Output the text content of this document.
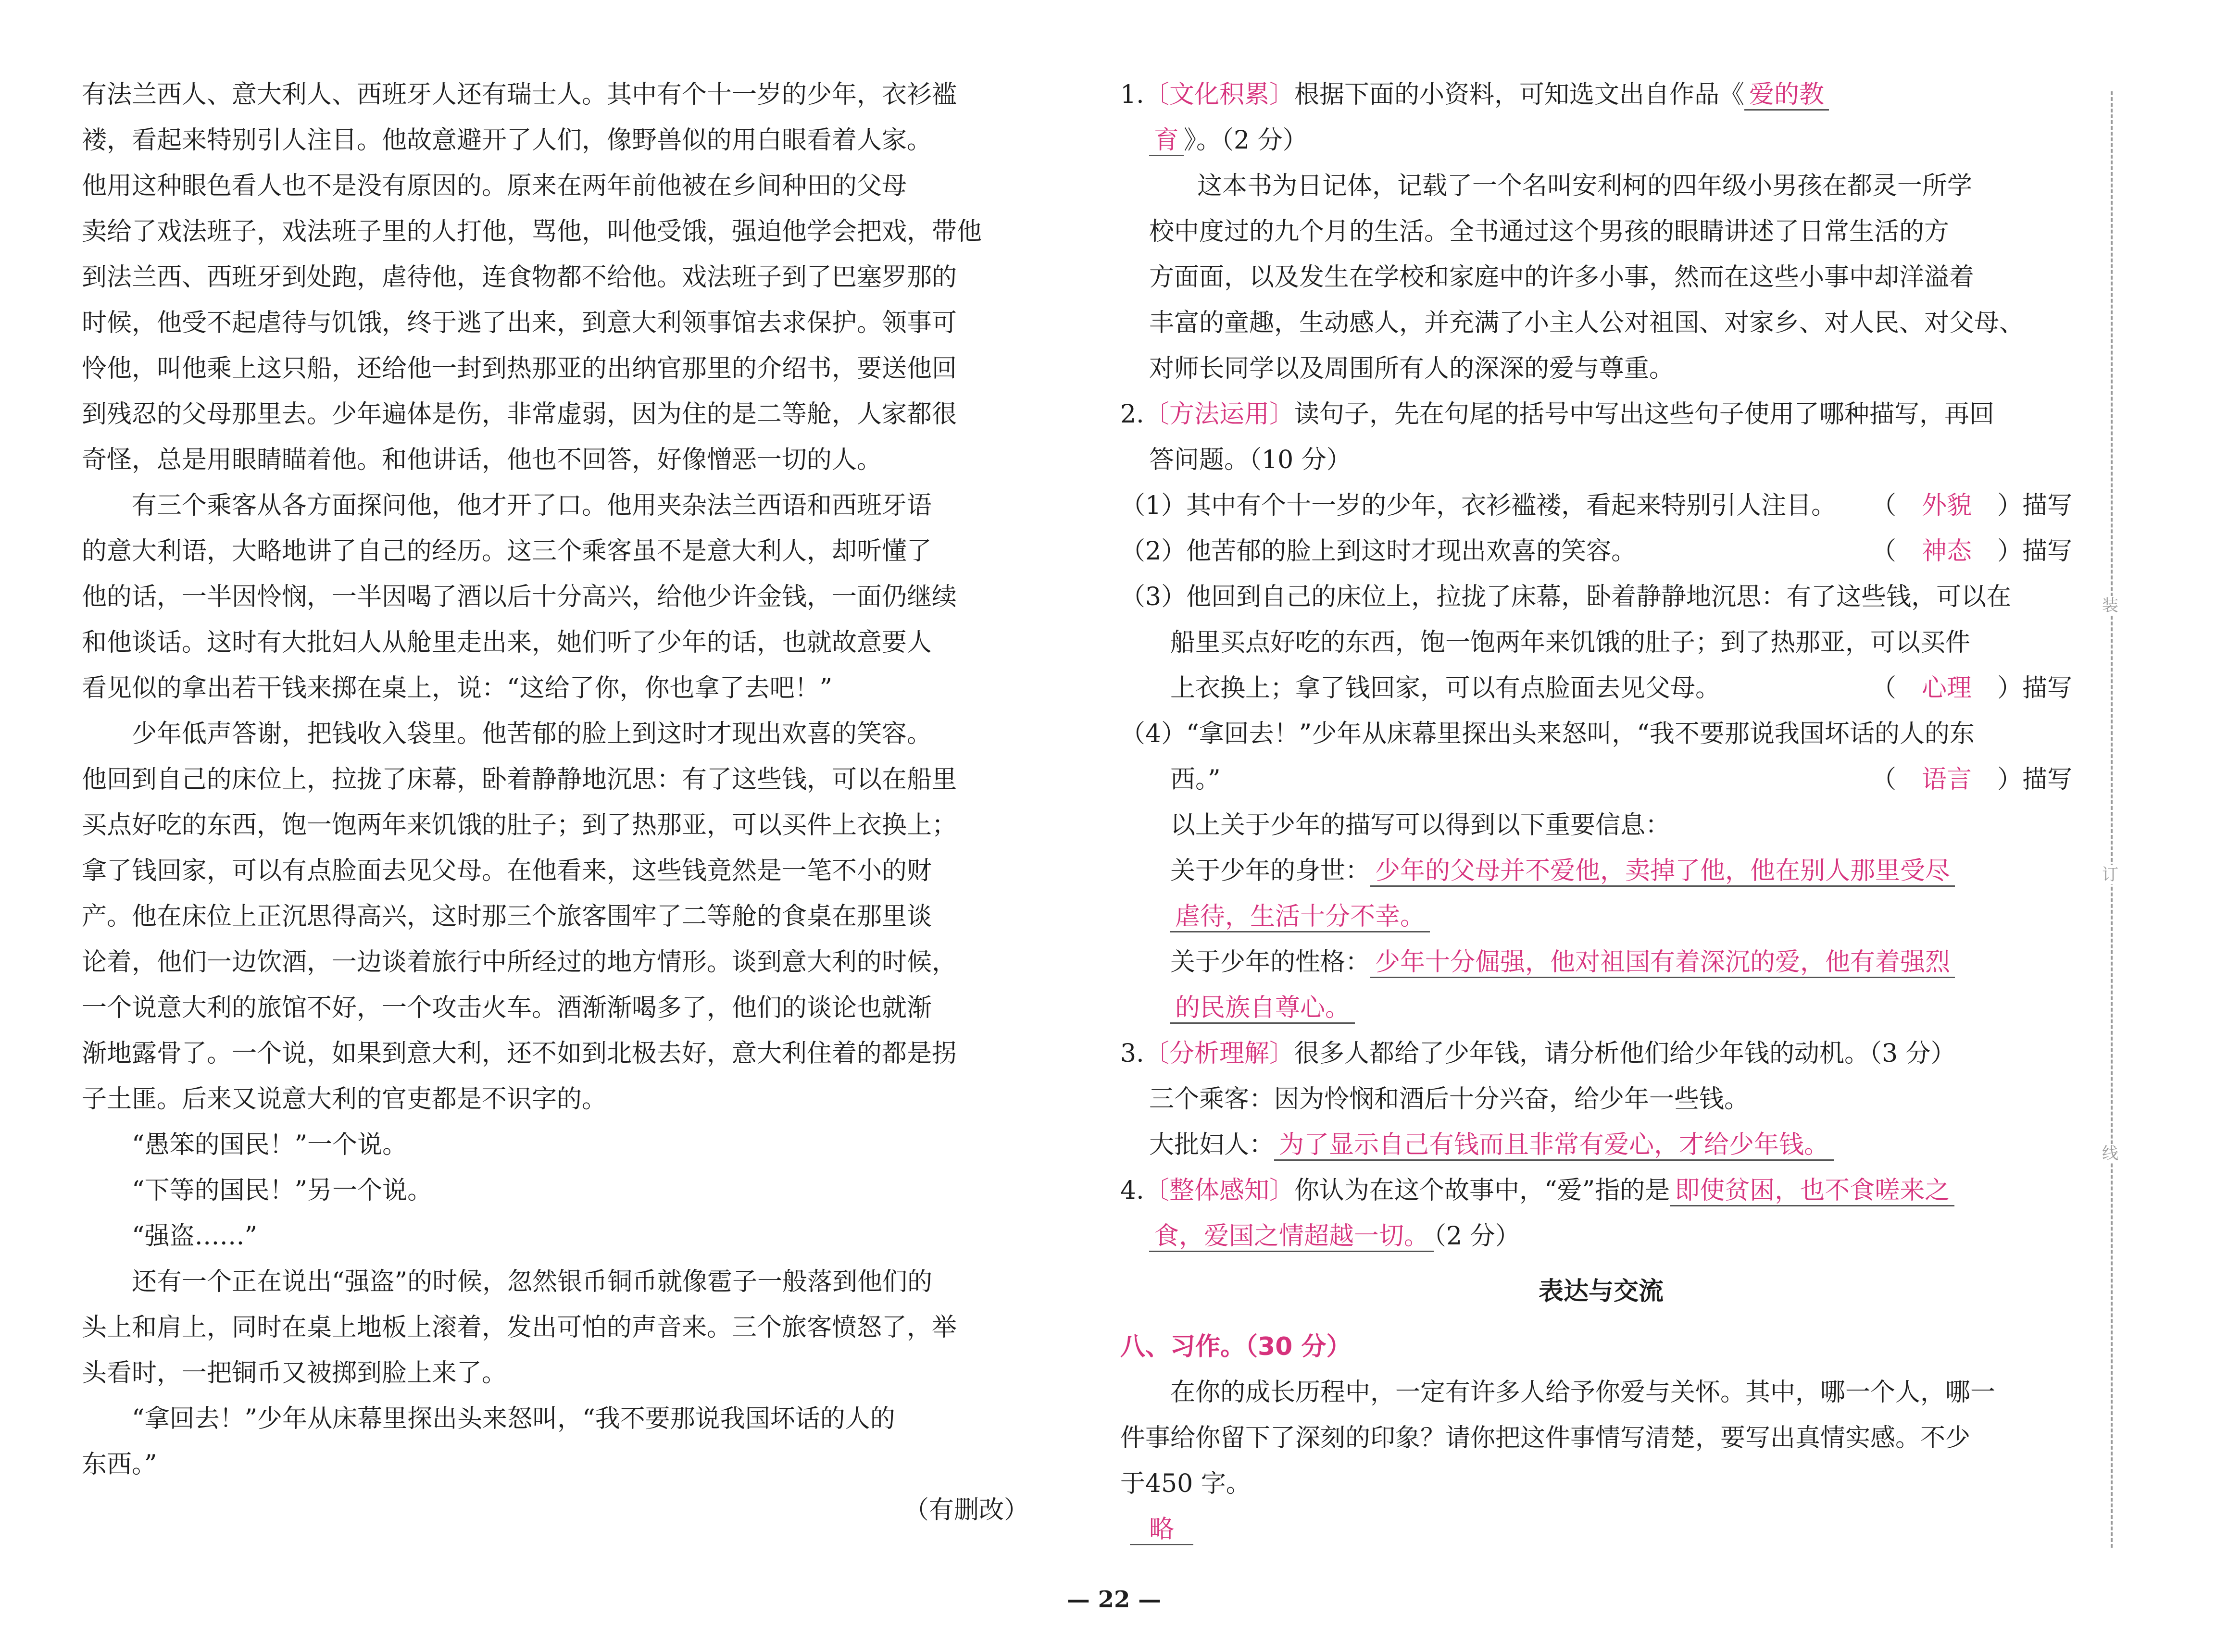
有法兰西人、意大利人、西班牙人还有瑞士人。其中有个十一岁的少年，衣衫褴
褛，看起来特别引人注目。他故意避开了人们，像野兽似的用白眼看着人家。
他用这种眼色看人也不是没有原因的。原来在两年前他被在乡间种田的父母
卖给了戏法班子，戏法班子里的人打他，骂他，叫他受饿，强迫他学会把戏，带他
到法兰西、西班牙到处跑，虐待他，连食物都不给他。戏法班子到了巴塞罗那的
时候，他受不起虐待与饥饿，终于逃了出来，到意大利领事馆去求保护。领事可
怜他，叫他乘上这只船，还给他一封到热那亚的出纳官那里的介绍书，要送他回
到残忍的父母那里去。少年遍体是伤，非常虚弱，因为住的是二等舱，人家都很
奇怪，总是用眼睛瞄着他。和他讲话，他也不回答，好像憎恶一切的人。
有三个乘客从各方面探问他，他才开了口。他用夹杂法兰西语和西班牙语
的意大利语，大略地讲了自己的经历。这三个乘客虽不是意大利人，却听懂了
他的话，一半因怜悯，一半因喝了酒以后十分高兴，给他少许金钱，一面仍继续
和他谈话。这时有大批妇人从舱里走出来，她们听了少年的话，也就故意要人
看见似的拿出若干钱来掷在桌上，说：“这给了你，你也拿了去吧！”
少年低声答谢，把钱收入袋里。他苦郁的脸上到这时才现出欢喜的笑容。
他回到自己的床位上，拉拢了床幕，卧着静静地沉思：有了这些钱，可以在船里
买点好吃的东西，饱一饱两年来饥饿的肚子；到了热那亚，可以买件上衣换上；
拿了钱回家，可以有点脸面去见父母。在他看来，这些钱竟然是一笔不小的财
产。他在床位上正沉思得高兴，这时那三个旅客围牢了二等舱的食桌在那里谈
论着，他们一边饮酒，一边谈着旅行中所经过的地方情形。谈到意大利的时候，
一个说意大利的旅馆不好，一个攻击火车。酒渐渐喝多了，他们的谈论也就渐
渐地露骨了。一个说，如果到意大利，还不如到北极去好，意大利住着的都是拐
子土匪。后来又说意大利的官吏都是不识字的。
“愚笨的国民！”一个说。
“下等的国民！”另一个说。
“强盗……”
还有一个正在说出“强盗”的时候，忽然银币铜币就像雹子一般落到他们的
头上和肩上，同时在桌上地板上滚着，发出可怕的声音来。三个旅客愤怒了，举
头看时，一把铜币又被掷到脸上来了。
“拿回去！”少年从床幕里探出头来怒叫，“我不要那说我国坏话的人的
东西。”
（有删改）
1.〔文化积累〕根据下面的小资料，可知选文出自作品《 爱的教
育 》。（2 分）
这本书为日记体，记载了一个名叫安利柯的四年级小男孩在都灵一所学
校中度过的九个月的生活。全书通过这个男孩的眼睛讲述了日常生活的方
方面面，以及发生在学校和家庭中的许多小事，然而在这些小事中却洋溢着
丰富的童趣，生动感人，并充满了小主人公对祖国、对家乡、对人民、对父母、
对师长同学以及周围所有人的深深的爱与尊重。
2.〔方法运用〕读句子，先在句尾的括号中写出这些句子使用了哪种描写，再回
答问题。（10 分）
（1）其中有个十一岁的少年，衣衫褴褛，看起来特别引人注目。 （ 外貌 ）描写
（2）他苦郁的脸上到这时才现出欢喜的笑容。	（ 神态 ）描写
（3）他回到自己的床位上，拉拢了床幕，卧着静静地沉思：有了这些钱，可以在
船里买点好吃的东西，饱一饱两年来饥饿的肚子；到了热那亚，可以买件
上衣换上；拿了钱回家，可以有点脸面去见父母。	（ 心理 ）描写
（4）“拿回去！”少年从床幕里探出头来怒叫，“我不要那说我国坏话的人的东
西。”	（ 语言 ）描写
以上关于少年的描写可以得到以下重要信息：
关于少年的身世： 少年的父母并不爱他，卖掉了他，他在别人那里受尽
虐待，生活十分不幸。
关于少年的性格： 少年十分倔强，他对祖国有着深沉的爱，他有着强烈
的民族自尊心。
3.〔分析理解〕很多人都给了少年钱，请分析他们给少年钱的动机。（3 分）
三个乘客：因为怜悯和酒后十分兴奋，给少年一些钱。
大批妇人： 为了显示自己有钱而且非常有爱心，才给少年钱。
4.〔整体感知〕你认为在这个故事中，“爱”指的是 即使贫困，也不食嗟来之
食，爱国之情超越一切。 （2 分）
表达与交流
八、习作。（30 分）
在你的成长历程中，一定有许多人给予你爱与关怀。其中，哪一个人，哪一
件事给你留下了深刻的印象？请你把这件事情写清楚，要写出真情实感。不少
于450 字。
略
装
订
线
— 22 —
